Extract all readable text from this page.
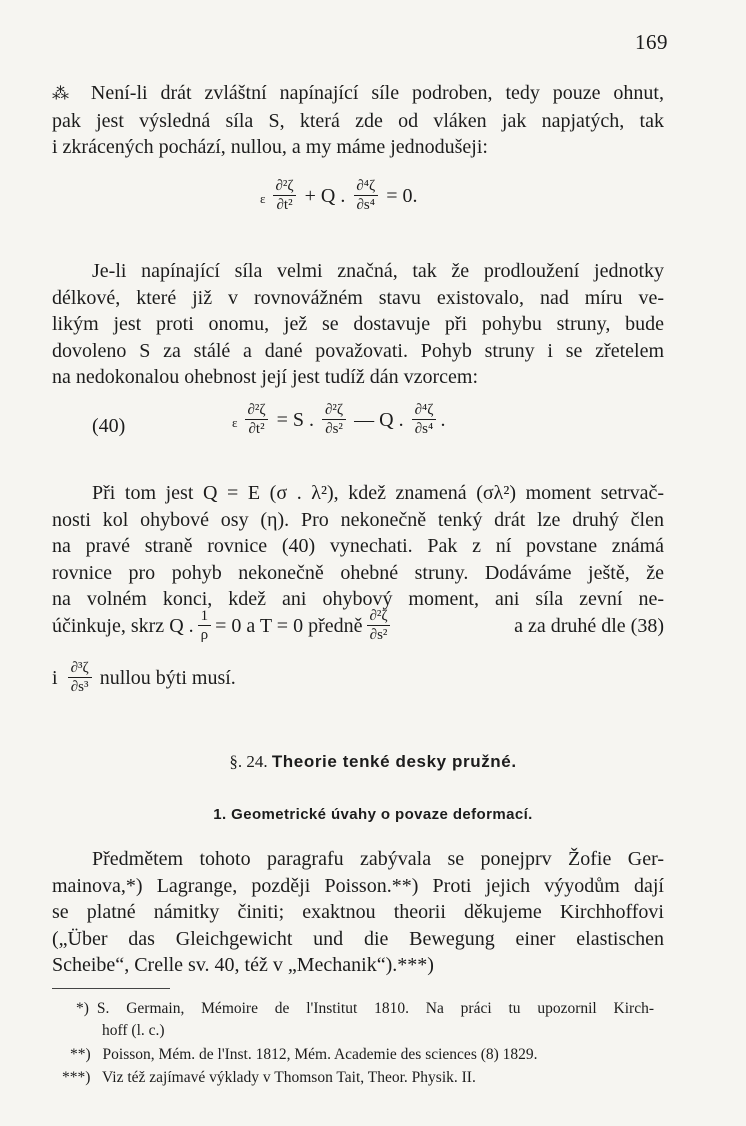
169
⁂ Není-li drát zvláštní napínající síle podroben, tedy pouze ohnut,
pak jest výsledná síla S, která zde od vláken jak napjatých, tak
i zkrácených pochází, nullou, a my máme jednodušeji:
ε $\frac{\text{∂²ζ}}{\text{∂t²}} + Q$ . $\frac{\text{∂⁴ζ}}{\text{∂s⁴}} = 0$.
Je-li napínající síla velmi značná, tak že prodloužení jednotky
délkové, které již v rovnovážném stavu existovalo, nad míru ve-
likým jest proti onomu, jež se dostavuje při pohybu struny, bude
dovoleno S za stálé a dané považovati. Pohyb struny i se zřetelem
na nedokonalou ohebnost její jest tudíž dán vzorcem:
(40)	ε $\frac{\text{∂²ζ}}{\text{∂t²}} = S$ . $\frac{\text{∂²ζ}}{\text{∂s²}}$ — Q . $\frac{\text{∂⁴ζ}}{\text{∂s⁴}}$ .
Při tom jest Q = E (σ . λ²), kdež znamená (σλ²) moment setrvač-
nosti kol ohybové osy (η). Pro nekonečně tenký drát lze druhý člen
na pravé straně rovnice (40) vynechati. Pak z ní povstane známá
rovnice pro pohyb nekonečně ohebné struny. Dodáváme ještě, že
na volném konci, kdež ani ohybový moment, ani síla zevní ne-
účinkuje, skrz Q . $\frac{1}{\rho} = 0$ a T = 0 předně $\frac{\text{∂²ζ}}{\text{∂s²}}$	a za druhé dle (38)
i $\frac{\text{∂³ζ}}{\text{∂s³}}$ nullou býti musí.
§. 24. Theorie tenké desky pružné.
1. Geometrické úvahy o povaze deformací.
Předmětem tohoto paragrafu zabývala se ponejprv Žofie Ger-
mainova,*) Lagrange, později Poisson.**) Proti jejich výyodům dají
se platné námitky činiti; exaktnou theorii děkujeme Kirchhoffovi
(„Über das Gleichgewicht und die Bewegung einer elastischen
Scheibe“, Crelle sv. 40, též v „Mechanik“).***)
*) S. Germain, Mémoire de l'Institut 1810. Na práci tu upozornil Kirch-
hoff (l. c.)
**) Poisson, Mém. de l'Inst. 1812, Mém. Academie des sciences (8) 1829.
***) Viz též zajímavé výklady v Thomson Tait, Theor. Physik. II.
